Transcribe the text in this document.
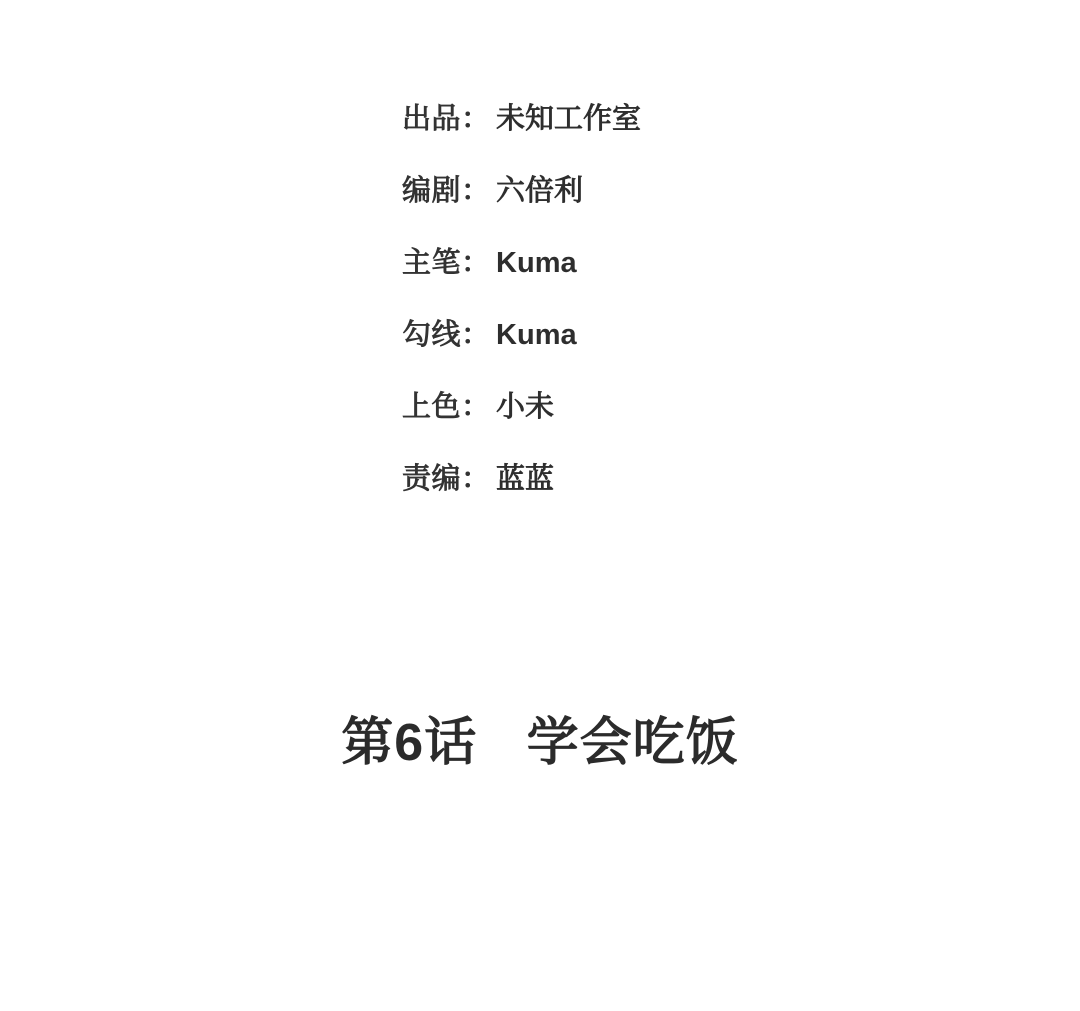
出品 ： 未知工作室
编剧 ： 六倍利
主笔 ： Kuma
勾线 ： Kuma
上色 ： 小未
责编 ： 蓝蓝
第6话 学会吃饭
